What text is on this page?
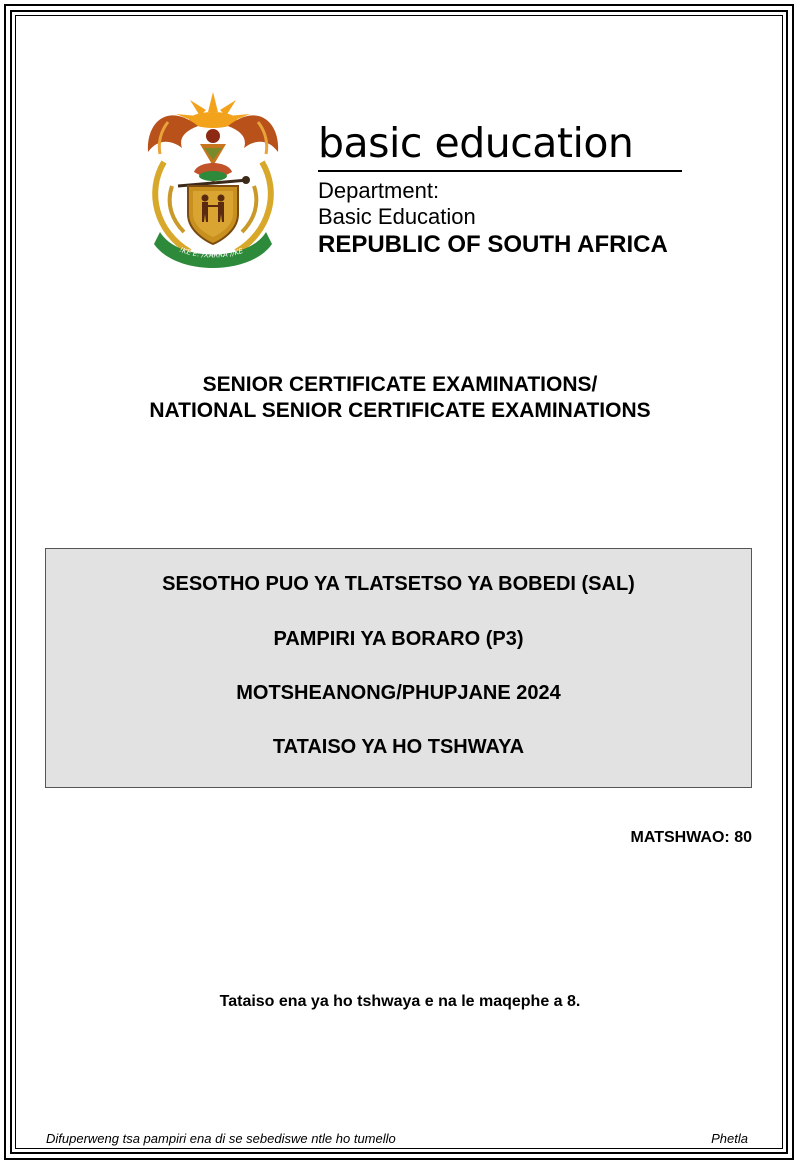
!KE E: /XARRA //KE
basic education
Department:
Basic Education
REPUBLIC OF SOUTH AFRICA
SENIOR CERTIFICATE EXAMINATIONS/
NATIONAL SENIOR CERTIFICATE EXAMINATIONS
SESOTHO PUO YA TLATSETSO YA BOBEDI (SAL)
PAMPIRI YA BORARO (P3)
MOTSHEANONG/PHUPJANE 2024
TATAISO YA HO TSHWAYA
MATSHWAO: 80
Tataiso ena ya ho tshwaya e na le maqephe a 8.
Difuperweng tsa pampiri ena di se sebediswe ntle ho tumello	Phetla
